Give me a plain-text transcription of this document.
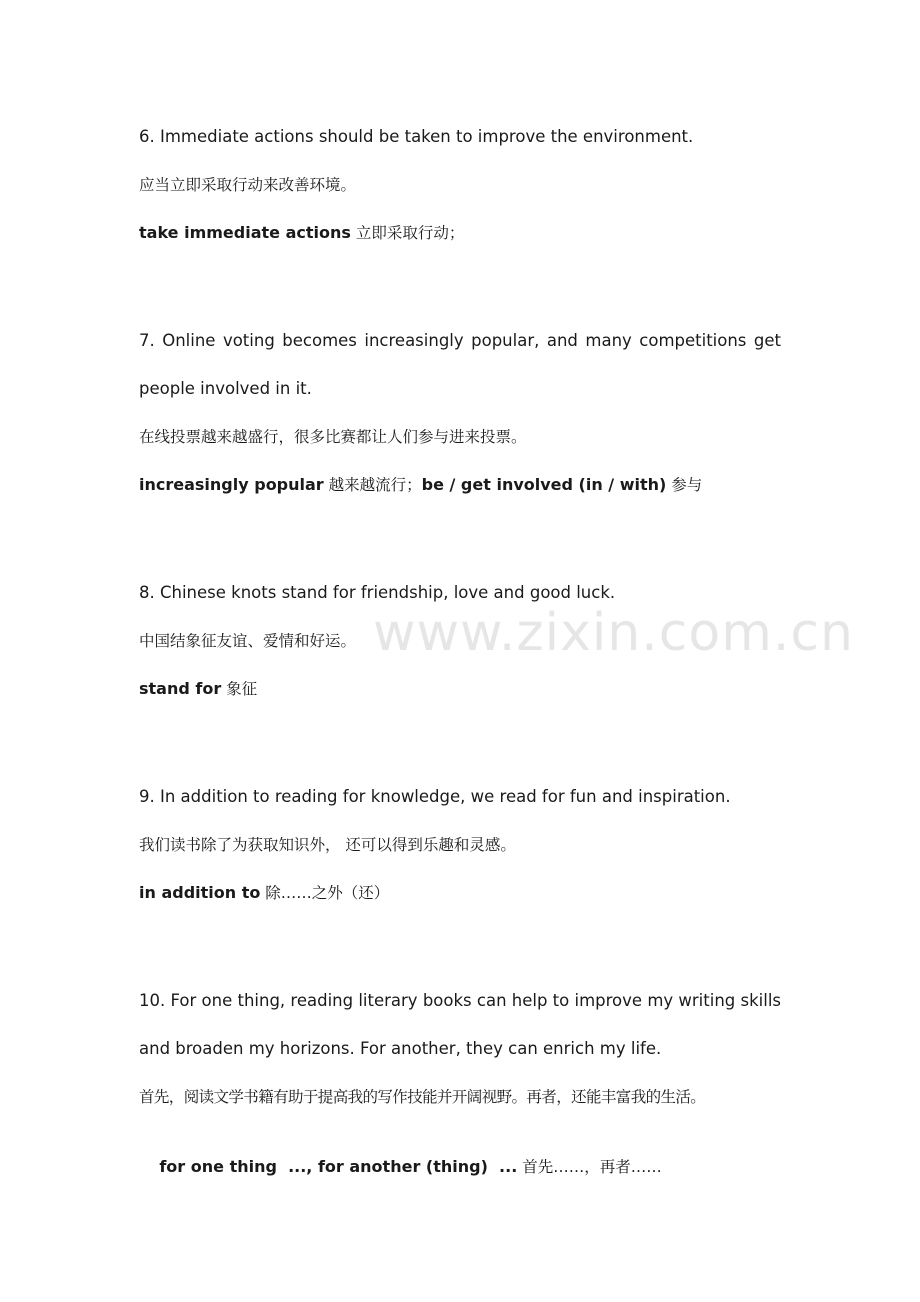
www.zixin.com.cn
6. Immediate actions should be taken to improve the environment.
应当立即采取行动来改善环境。
take immediate actions 立即采取行动；
7. Online voting becomes increasingly popular, and many competitions get
people involved in it.
在线投票越来越盛行，很多比赛都让人们参与进来投票。
increasingly popular 越来越流行；be / get involved (in / with) 参与
8. Chinese knots stand for friendship, love and good luck.
中国结象征友谊、爱情和好运。
stand for 象征
9. In addition to reading for knowledge, we read for fun and inspiration.
我们读书除了为获取知识外， 还可以得到乐趣和灵感。
in addition to 除……之外（还）
10. For one thing, reading literary books can help to improve my writing skills
and broaden my horizons. For another, they can enrich my life.
首先，阅读文学书籍有助于提高我的写作技能并开阔视野。再者，还能丰富我的生活。

for one thing  ..., for another (thing)  ... 首先……，再者……
